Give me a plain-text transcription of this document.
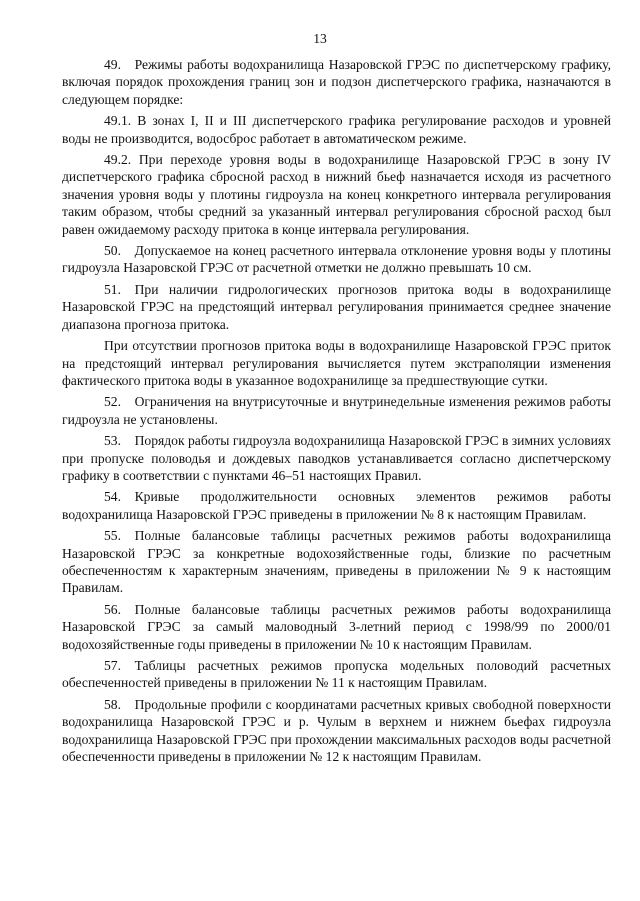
13

49. Режимы работы водохранилища Назаровской ГРЭС по диспетчерскому графику, включая порядок прохождения границ зон и подзон диспетчерского графика, назначаются в следующем порядке:

49.1. В зонах I, II и III диспетчерского графика регулирование расходов и уровней воды не производится, водосброс работает в автоматическом режиме.

49.2. При переходе уровня воды в водохранилище Назаровской ГРЭС в зону IV диспетчерского графика сбросной расход в нижний бьеф назначается исходя из расчетного значения уровня воды у плотины гидроузла на конец конкретного интервала регулирования таким образом, чтобы средний за указанный интервал регулирования сбросной расход был равен ожидаемому расходу притока в конце интервала регулирования.

50. Допускаемое на конец расчетного интервала отклонение уровня воды у плотины гидроузла Назаровской ГРЭС от расчетной отметки не должно превышать 10 см.

51. При наличии гидрологических прогнозов притока воды в водохранилище Назаровской ГРЭС на предстоящий интервал регулирования принимается среднее значение диапазона прогноза притока.

При отсутствии прогнозов притока воды в водохранилище Назаровской ГРЭС приток на предстоящий интервал регулирования вычисляется путем экстраполяции изменения фактического притока воды в указанное водохранилище за предшествующие сутки.

52. Ограничения на внутрисуточные и внутринедельные изменения режимов работы гидроузла не установлены.

53. Порядок работы гидроузла водохранилища Назаровской ГРЭС в зимних условиях при пропуске половодья и дождевых паводков устанавливается согласно диспетчерскому графику в соответствии с пунктами 46–51 настоящих Правил.

54. Кривые продолжительности основных элементов режимов работы водохранилища Назаровской ГРЭС приведены в приложении № 8 к настоящим Правилам.

55. Полные балансовые таблицы расчетных режимов работы водохранилища Назаровской ГРЭС за конкретные водохозяйственные годы, близкие по расчетным обеспеченностям к характерным значениям, приведены в приложении № 9 к настоящим Правилам.

56. Полные балансовые таблицы расчетных режимов работы водохранилища Назаровской ГРЭС за самый маловодный 3-летний период с 1998/99 по 2000/01 водохозяйственные годы приведены в приложении № 10 к настоящим Правилам.

57. Таблицы расчетных режимов пропуска модельных половодий расчетных обеспеченностей приведены в приложении № 11 к настоящим Правилам.

58. Продольные профили с координатами расчетных кривых свободной поверхности водохранилища Назаровской ГРЭС и р. Чулым в верхнем и нижнем бьефах гидроузла водохранилища Назаровской ГРЭС при прохождении максимальных расходов воды расчетной обеспеченности приведены в приложении № 12 к настоящим Правилам.
